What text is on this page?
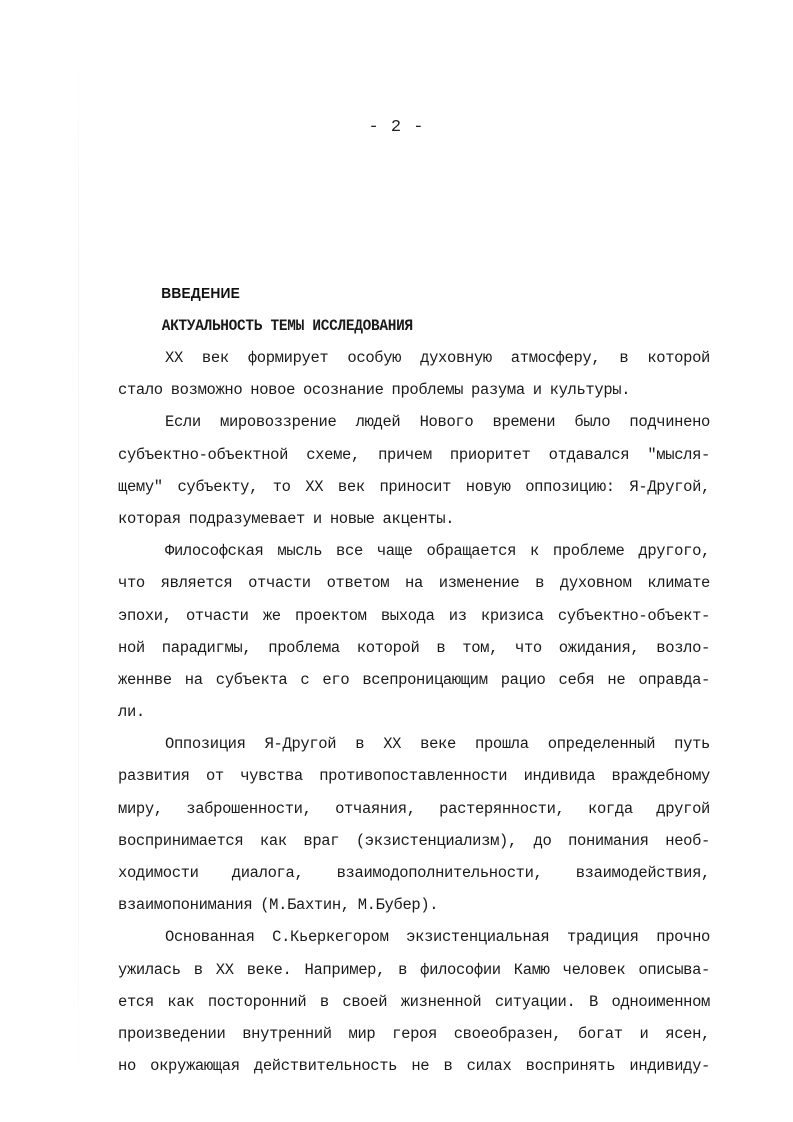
- 2 -
ВВЕДЕНИЕ
АКТУАЛЬНОСТЬ ТЕМЫ ИССЛЕДОВАНИЯ
XX век формирует особую духовную атмосферу, в которой
стало возможно новое осознание проблемы разума и культуры.
Если мировоззрение людей Нового времени было подчинено
субъектно-объектной схеме, причем приоритет отдавался "мысля-
щему" субъекту, то XX век приносит новую оппозицию: Я-Другой,
которая подразумевает и новые акценты.
Философская мысль все чаще обращается к проблеме другого,
что является отчасти ответом на изменение в духовном климате
эпохи, отчасти же проектом выхода из кризиса субъектно-объект-
ной парадигмы, проблема которой в том, что ожидания, возло-
женнве на субъекта с его всепроницающим рацио себя не оправда-
ли.
Оппозиция Я-Другой в XX веке прошла определенный путь
развития от чувства противопоставленности индивида враждебному
миру, заброшенности, отчаяния, растерянности, когда другой
воспринимается как враг (экзистенциализм), до понимания необ-
ходимости диалога, взаимодополнительности, взаимодействия,
взаимопонимания (М.Бахтин, М.Бубер).
Основанная С.Кьеркегором экзистенциальная традиция прочно
ужилась в XX веке. Например, в философии Камю человек описыва-
ется как посторонний в своей жизненной ситуации. В одноименном
произведении внутренний мир героя своеобразен, богат и ясен,
но окружающая действительность не в силах воспринять индивиду-
